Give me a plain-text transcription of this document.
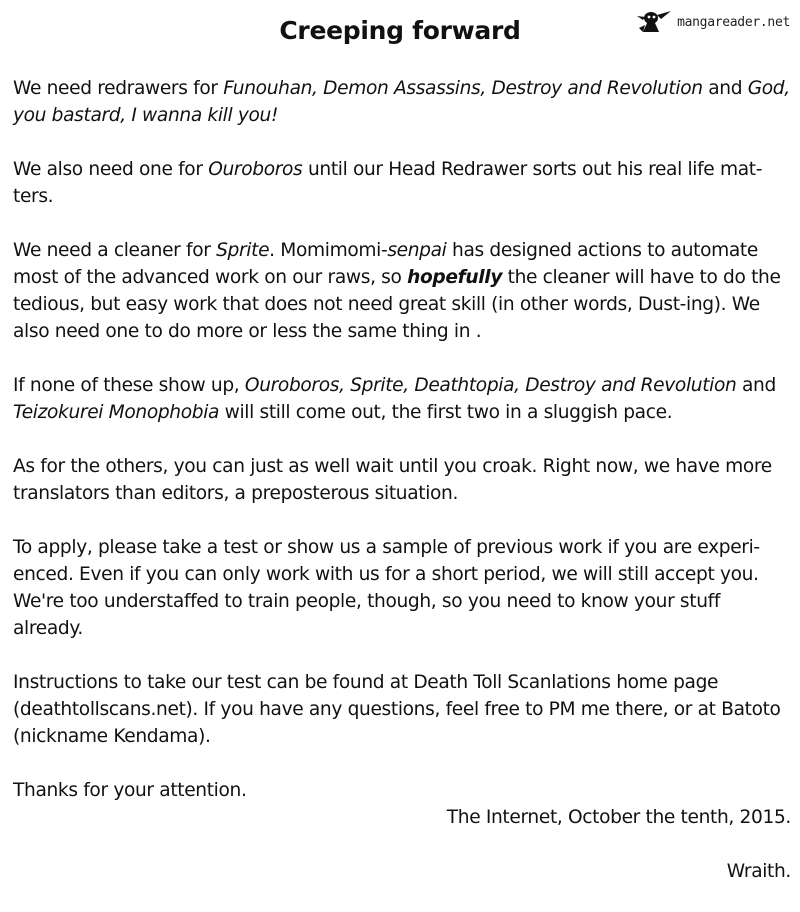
Creeping forward	mangareader.net

We need redrawers for Funouhan, Demon Assassins, Destroy and Revolution and God, you bastard, I wanna kill you!

We also need one for Ouroboros until our Head Redrawer sorts out his real life mat-ters.

We need a cleaner for Sprite. Momimomi-senpai has designed actions to automate most of the advanced work on our raws, so hopefully the cleaner will have to do the tedious, but easy work that does not need great skill (in other words, Dust-ing). We also need one to do more or less the same thing in .

If none of these show up, Ouroboros, Sprite, Deathtopia, Destroy and Revolution and Teizokurei Monophobia will still come out, the first two in a sluggish pace.

As for the others, you can just as well wait until you croak. Right now, we have more translators than editors, a preposterous situation.

To apply, please take a test or show us a sample of previous work if you are experi-enced. Even if you can only work with us for a short period, we will still accept you. We're too understaffed to train people, though, so you need to know your stuff already.

Instructions to take our test can be found at Death Toll Scanlations home page (deathtollscans.net). If you have any questions, feel free to PM me there, or at Batoto (nickname Kendama).

Thanks for your attention.

The Internet, October the tenth, 2015.

Wraith.
